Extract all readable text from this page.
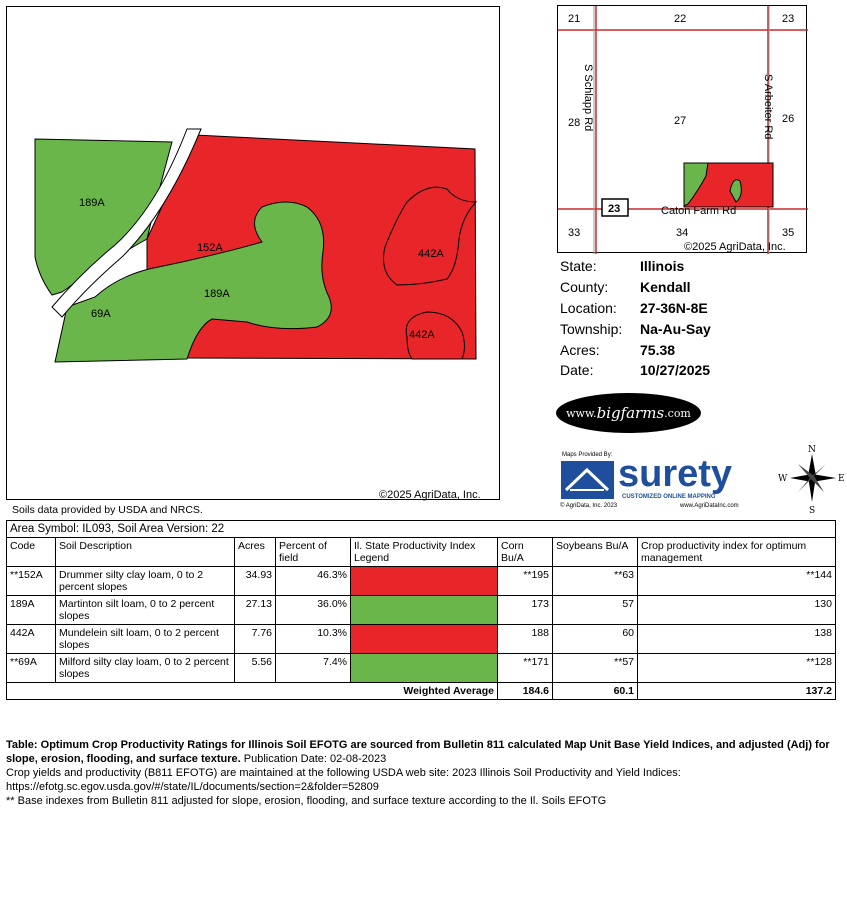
189A
152A
189A
69A
442A
442A
©2025 AgriData, Inc.
Soils data provided by USDA and NRCS.
21	22	23
28	27	26
33	34	35
S Schlapp Rd	S Arbeiter Rd
Caton Farm Rd
23
©2025 AgriData, Inc.
State:	Illinois
County:	Kendall
Location:	27-36N-8E
Township:	Na-Au-Say
Acres:	75.38
Date:	10/27/2025
www. bigfarms .com
Maps Provided By: surety
CUSTOMIZED ONLINE MAPPING
© AgriData, Inc. 2023	www.AgriDataInc.com
N
S
E
W
Area Symbol: IL093, Soil Area Version: 22							
Code	Soil Description	Acres	Percent of field	Il. State Productivity Index Legend	Corn Bu/A	Soybeans Bu/A	Crop productivity index for optimum management
**152A	Drummer silty clay loam, 0 to 2 percent slopes	34.93	46.3%		**195	**63	**144
189A	Martinton silt loam, 0 to 2 percent slopes	27.13	36.0%		173	57	130
442A	Mundelein silt loam, 0 to 2 percent slopes	7.76	10.3%		188	60	138
**69A	Milford silty clay loam, 0 to 2 percent slopes	5.56	7.4%		**171	**57	**128
Weighted Average					184.6	60.1	137.2
Table: Optimum Crop Productivity Ratings for Illinois Soil EFOTG are sourced from Bulletin 811 calculated Map Unit Base Yield Indices, and adjusted (Adj) for slope, erosion, flooding, and surface texture. Publication Date: 02-08-2023
Crop yields and productivity (B811 EFOTG) are maintained at the following USDA web site: 2023 Illinois Soil Productivity and Yield Indices:
https://efotg.sc.egov.usda.gov/#/state/IL/documents/section=2&folder=52809
** Base indexes from Bulletin 811 adjusted for slope, erosion, flooding, and surface texture according to the Il. Soils EFOTG
